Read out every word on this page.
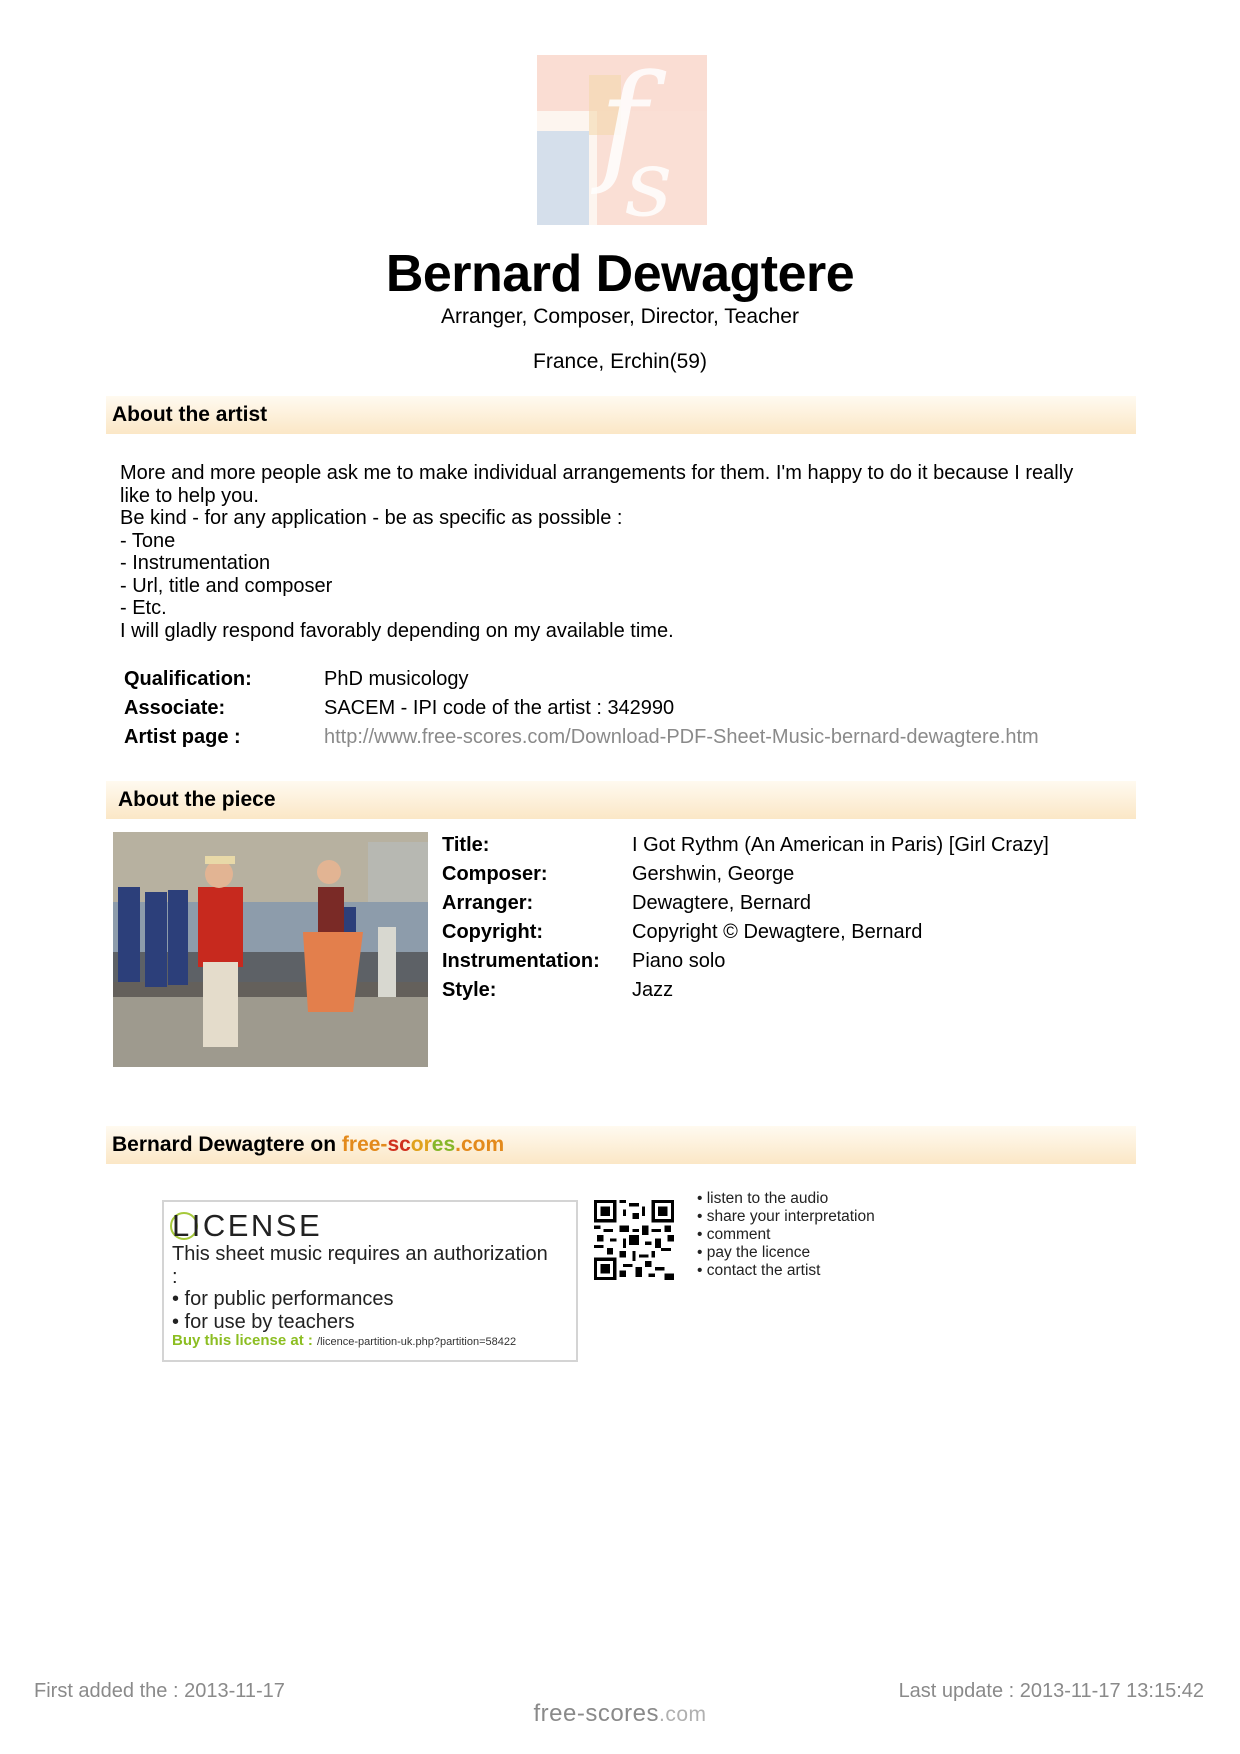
f
s
Bernard Dewagtere
Arranger, Composer, Director, Teacher
France, Erchin(59)
About the artist
More and more people ask me to make individual arrangements for them. I'm happy to do it because I really
like to help you.
Be kind - for any application - be as specific as possible :
- Tone
- Instrumentation
- Url, title and composer
- Etc.
I will gladly respond favorably depending on my available time.
Qualification:	PhD musicology
Associate:	SACEM - IPI code of the artist : 342990
Artist page :	http://www.free-scores.com/Download-PDF-Sheet-Music-bernard-dewagtere.htm
About the piece
Title:	I Got Rythm (An American in Paris) [Girl Crazy]
Composer:	Gershwin, George
Arranger:	Dewagtere, Bernard
Copyright:	Copyright © Dewagtere, Bernard
Instrumentation: Piano solo
Style:	Jazz
Bernard Dewagtere on free-scores.com
LICENSE
This sheet music requires an authorization
:
• for public performances
• for use by teachers
Buy this license at : /licence-partition-uk.php?partition=58422
• listen to the audio
• share your interpretation
• comment
• pay the licence
• contact the artist
First added the : 2013-11-17	Last update : 2013-11-17 13:15:42
free-scores.com
